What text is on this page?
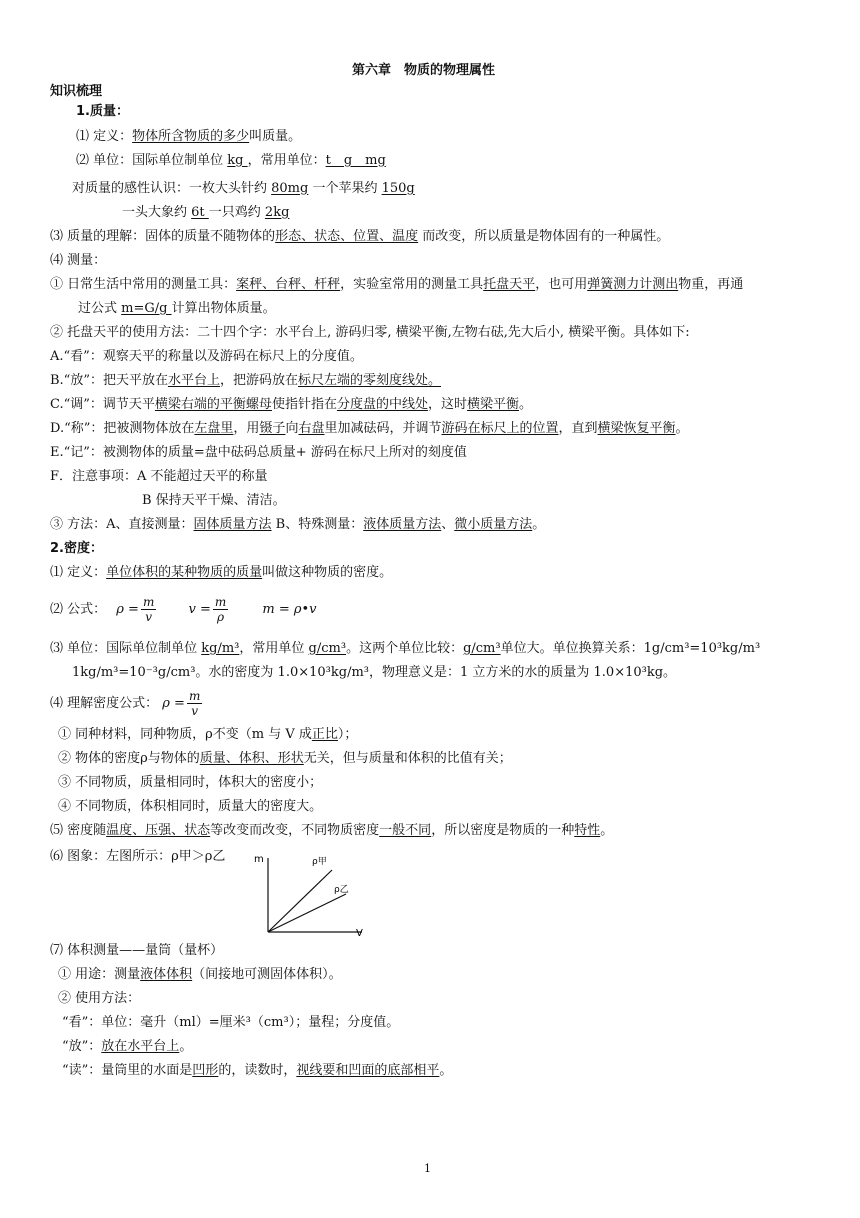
第六章　物质的物理属性
知识梳理
1.质量：
⑴ 定义：物体所含物质的多少叫质量。
⑵ 单位：国际单位制单位 kg ，常用单位：t　g　mg
对质量的感性认识：一枚大头针约 80mg 一个苹果约 150g
一头大象约 6t 一只鸡约 2kg
⑶ 质量的理解：固体的质量不随物体的形态、状态、位置、温度 而改变，所以质量是物体固有的一种属性。
⑷ 测量：
① 日常生活中常用的测量工具：案秤、台秤、杆秤，实验室常用的测量工具托盘天平，也可用弹簧测力计测出物重，再通
过公式 m=G/g 计算出物体质量。
② 托盘天平的使用方法：二十四个字：水平台上, 游码归零, 横梁平衡,左物右砝,先大后小, 横梁平衡。具体如下:
A.“看”：观察天平的称量以及游码在标尺上的分度值。
B.“放”：把天平放在水平台上，把游码放在标尺左端的零刻度线处。
C.“调”：调节天平横梁右端的平衡螺母使指针指在分度盘的中线处，这时横梁平衡。
D.“称”：把被测物体放在左盘里，用镊子向右盘里加减砝码，并调节游码在标尺上的位置，直到横梁恢复平衡。
E.“记”：被测物体的质量=盘中砝码总质量+ 游码在标尺上所对的刻度值
F．注意事项：A 不能超过天平的称量
B 保持天平干燥、清洁。
③ 方法：A、直接测量：固体质量方法 B、特殊测量：液体质量方法、微小质量方法。
2.密度：
⑴ 定义：单位体积的某种物质的质量叫做这种物质的密度。
⑵ 公式： $\rho = \frac{m}{v}$ $v = \frac{m}{\rho}$	m = ρ•v
⑶ 单位：国际单位制单位 kg/m³，常用单位 g/cm³。这两个单位比较：g/cm³单位大。单位换算关系：1g/cm³=10³kg/m³
1kg/m³=10⁻³g/cm³。水的密度为 1.0×10³kg/m³，物理意义是：1 立方米的水的质量为 1.0×10³kg。
⑷ 理解密度公式： $\rho = \frac{m}{v}$
① 同种材料，同种物质，ρ不变（m 与 V 成正比）；
② 物体的密度ρ与物体的质量、体积、形状无关，但与质量和体积的比值有关；
③ 不同物质，质量相同时，体积大的密度小；
④ 不同物质，体积相同时，质量大的密度大。
⑸ 密度随温度、压强、状态等改变而改变，不同物质密度一般不同，所以密度是物质的一种特性。
⑹ 图象：左图所示：ρ甲＞ρ乙	m
V
ρ甲
ρ乙
⑺ 体积测量——量筒（量杯）
① 用途：测量液体体积（间接地可测固体体积）。
② 使用方法：
“看”：单位：毫升（ml）=厘米³（cm³）；量程；分度值。
“放”：放在水平台上。
“读”：量筒里的水面是凹形的，读数时，视线要和凹面的底部相平。
1
